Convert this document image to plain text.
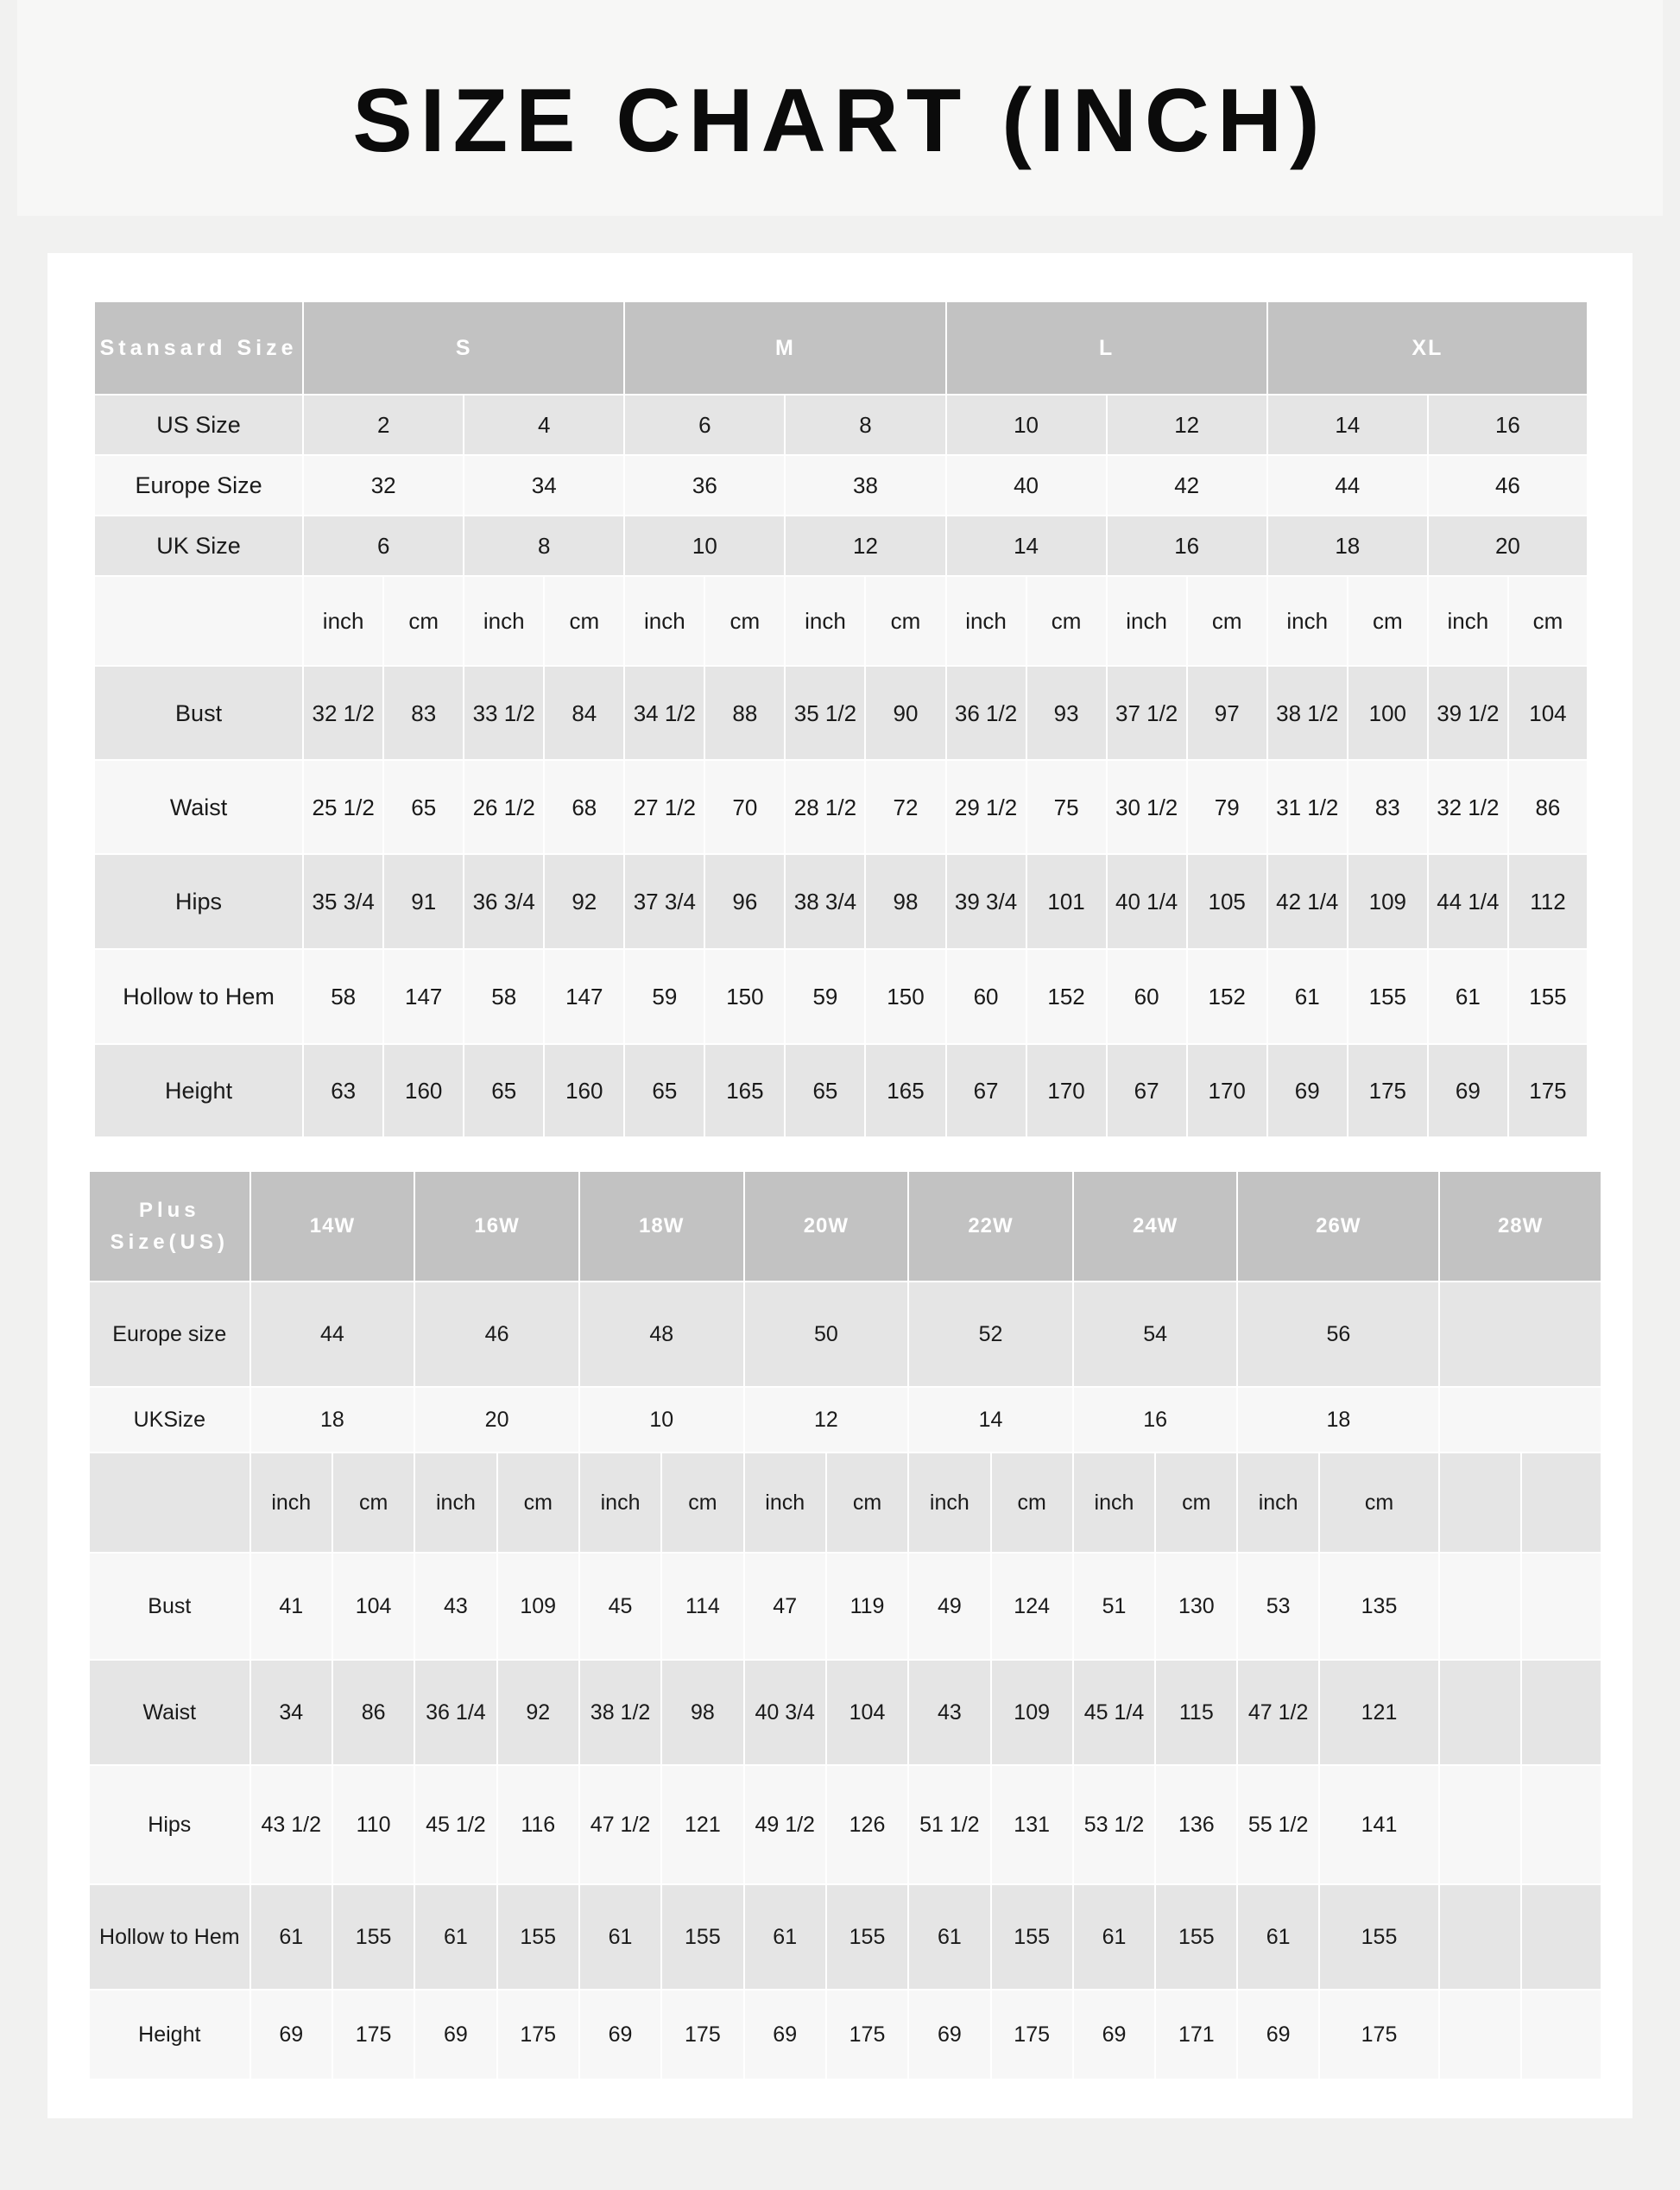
SIZE CHART (INCH)
Stansard Size	S				M				L				XL			
US Size	2		4		6		8		10		12		14		16	
Europe Size	32		34		36		38		40		42		44		46	
UK Size	6		8		10		12		14		16		18		20	
	inch	cm	inch	cm	inch	cm	inch	cm	inch	cm	inch	cm	inch	cm	inch	cm
Bust	32 1/2	83	33 1/2	84	34 1/2	88	35 1/2	90	36 1/2	93	37 1/2	97	38 1/2	100	39 1/2	104
Waist	25 1/2	65	26 1/2	68	27 1/2	70	28 1/2	72	29 1/2	75	30 1/2	79	31 1/2	83	32 1/2	86
Hips	35 3/4	91	36 3/4	92	37 3/4	96	38 3/4	98	39 3/4	101	40 1/4	105	42 1/4	109	44 1/4	112
Hollow to Hem	58	147	58	147	59	150	59	150	60	152	60	152	61	155	61	155
Height	63	160	65	160	65	165	65	165	67	170	67	170	69	175	69	175
Plus Size(US)	14W		16W		18W		20W		22W		24W		26W		28W	
Europe size	44		46		48		50		52		54		56			
UKSize	18		20		10		12		14		16		18			
	inch	cm	inch	cm	inch	cm	inch	cm	inch	cm	inch	cm	inch	cm		
Bust	41	104	43	109	45	114	47	119	49	124	51	130	53	135		
Waist	34	86	36 1/4	92	38 1/2	98	40 3/4	104	43	109	45 1/4	115	47 1/2	121		
Hips	43 1/2	110	45 1/2	116	47 1/2	121	49 1/2	126	51 1/2	131	53 1/2	136	55 1/2	141		
Hollow to Hem	61	155	61	155	61	155	61	155	61	155	61	155	61	155		
Height	69	175	69	175	69	175	69	175	69	175	69	171	69	175		
